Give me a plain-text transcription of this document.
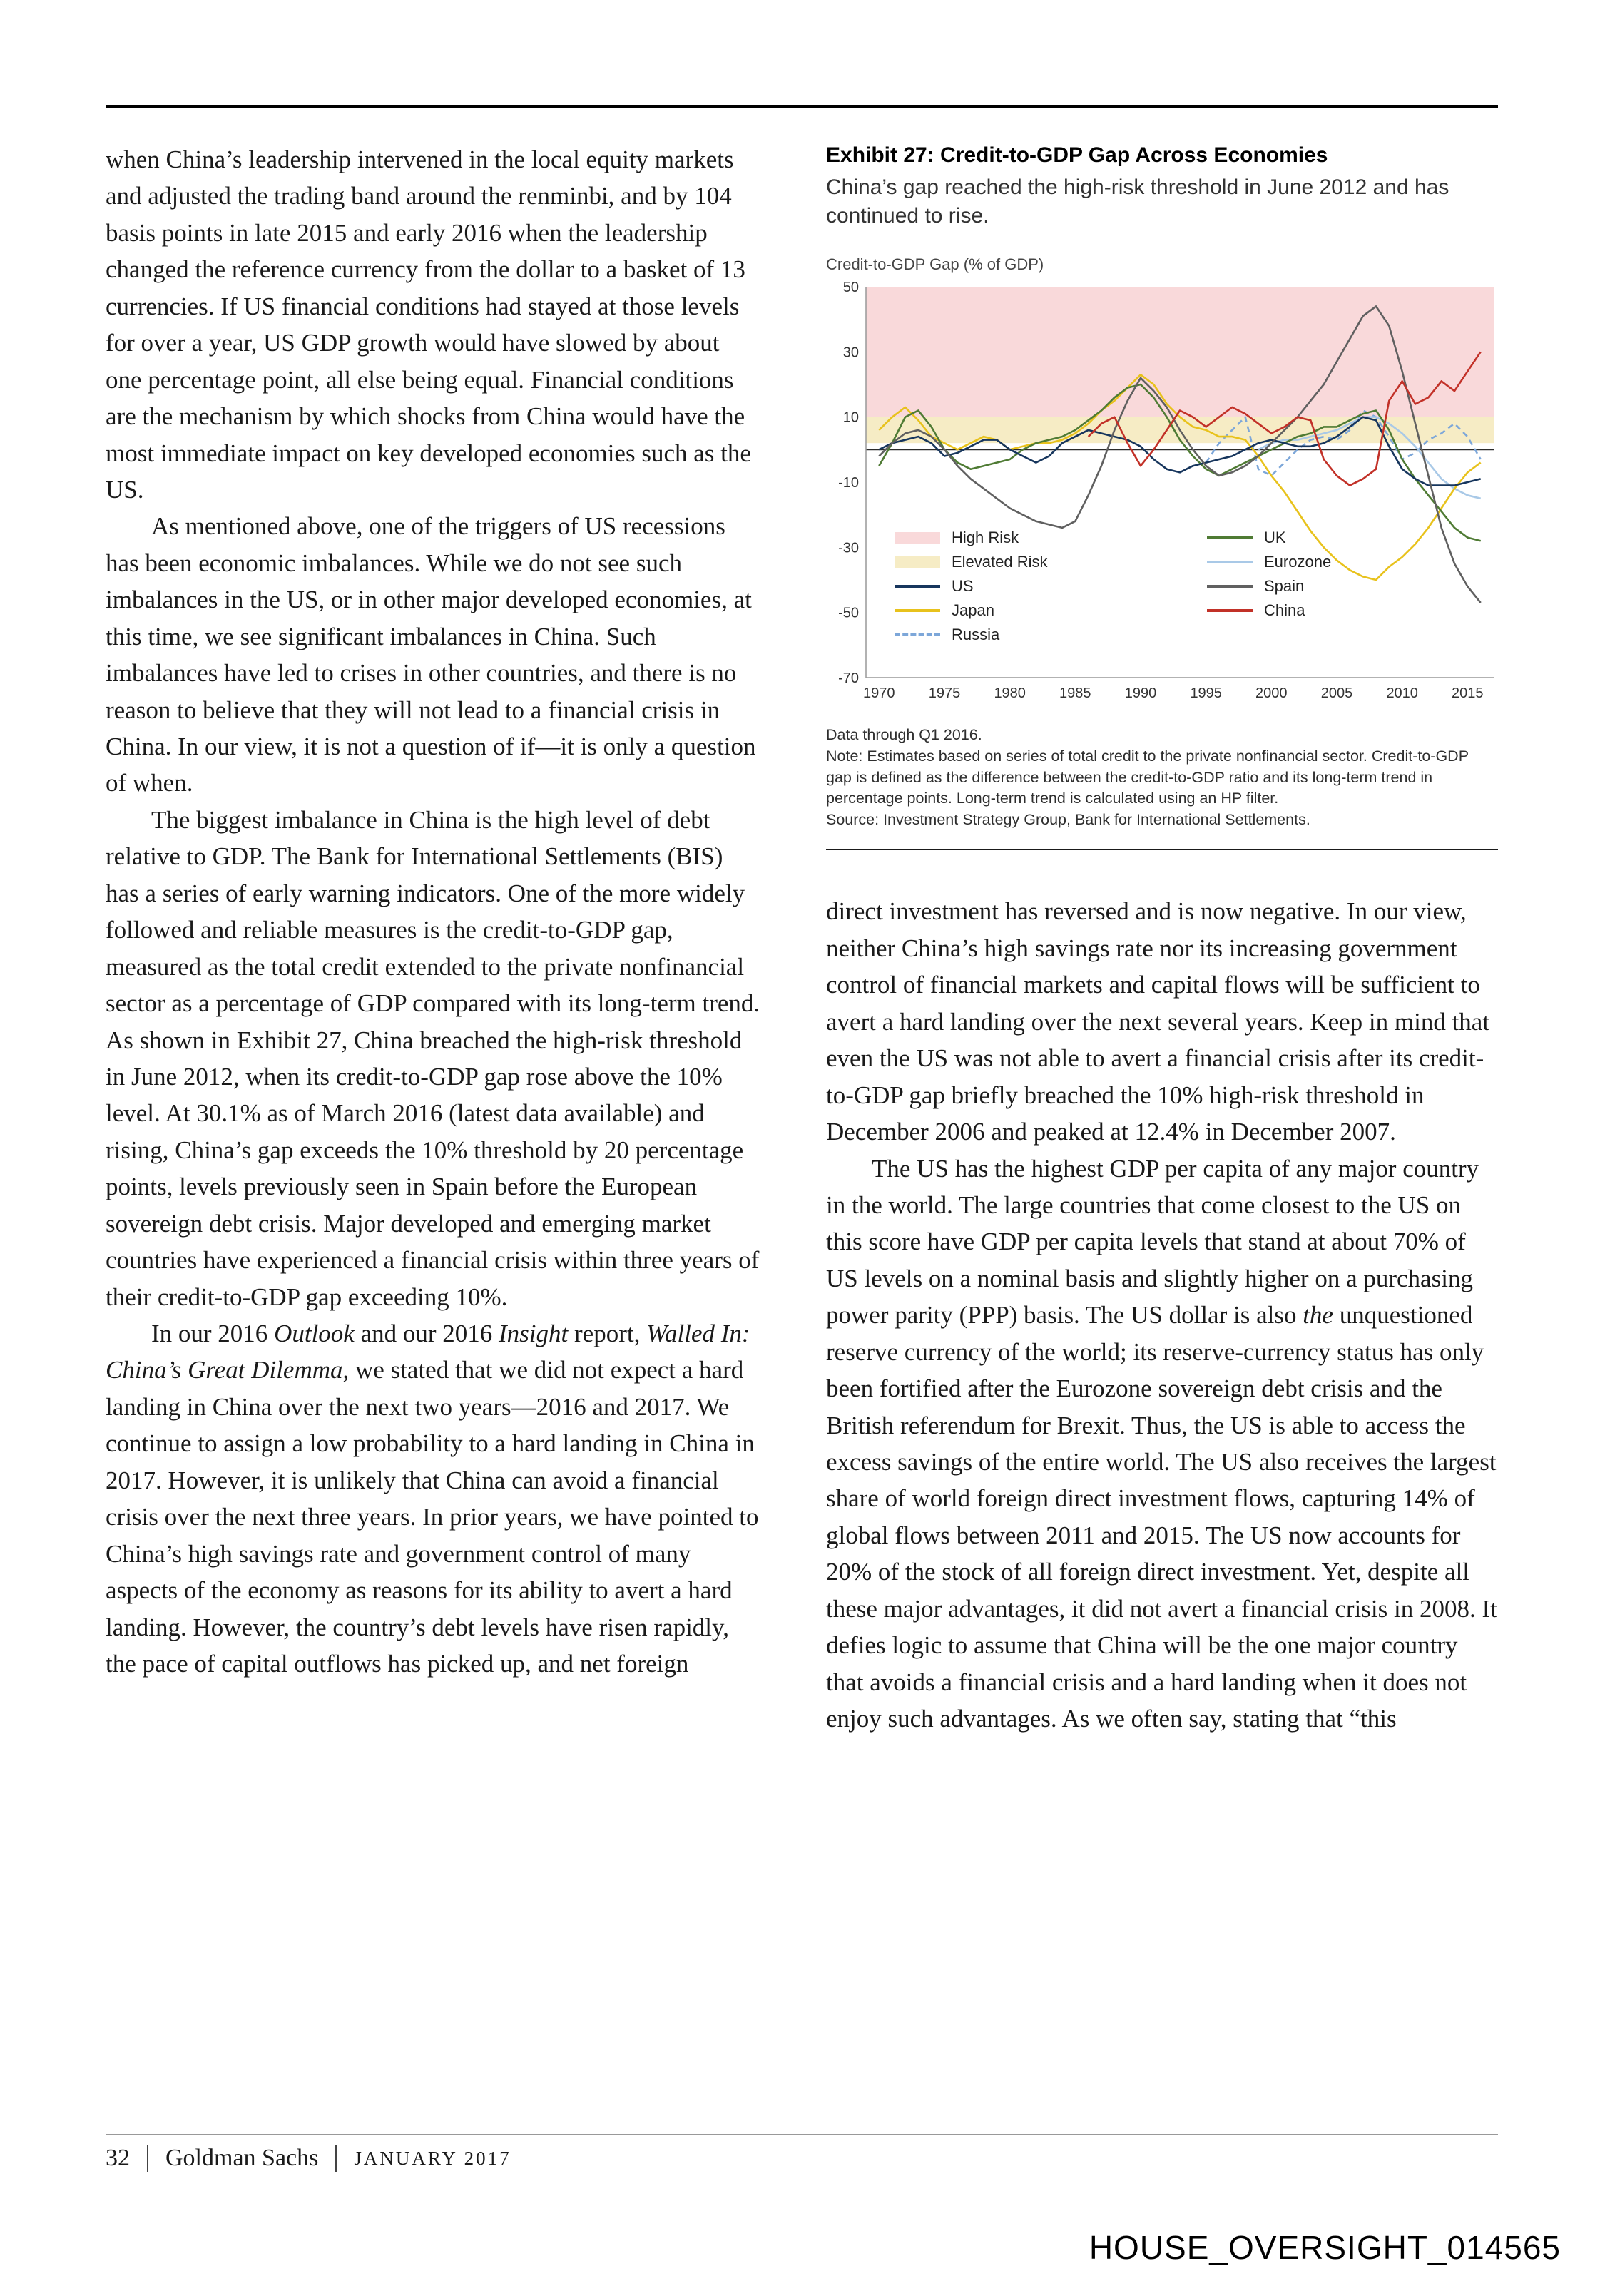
when China’s leadership intervened in the local equity markets and adjusted the trading band around the renminbi, and by 104 basis points in late 2015 and early 2016 when the leadership changed the reference currency from the dollar to a basket of 13 currencies. If US financial conditions had stayed at those levels for over a year, US GDP growth would have slowed by about one percentage point, all else being equal. Financial conditions are the mechanism by which shocks from China would have the most immediate impact on key developed economies such as the US.

As mentioned above, one of the triggers of US recessions has been economic imbalances. While we do not see such imbalances in the US, or in other major developed economies, at this time, we see significant imbalances in China. Such imbalances have led to crises in other countries, and there is no reason to believe that they will not lead to a financial crisis in China. In our view, it is not a question of if—it is only a question of when.

The biggest imbalance in China is the high level of debt relative to GDP. The Bank for International Settlements (BIS) has a series of early warning indicators. One of the more widely followed and reliable measures is the credit-to-GDP gap, measured as the total credit extended to the private nonfinancial sector as a percentage of GDP compared with its long-term trend. As shown in Exhibit 27, China breached the high-risk threshold in June 2012, when its credit-to-GDP gap rose above the 10% level. At 30.1% as of March 2016 (latest data available) and rising, China’s gap exceeds the 10% threshold by 20 percentage points, levels previously seen in Spain before the European sovereign debt crisis. Major developed and emerging market countries have experienced a financial crisis within three years of their credit-to-GDP gap exceeding 10%.

In our 2016 Outlook and our 2016 Insight report, Walled In: China’s Great Dilemma, we stated that we did not expect a hard landing in China over the next two years—2016 and 2017. We continue to assign a low probability to a hard landing in China in 2017. However, it is unlikely that China can avoid a financial crisis over the next three years. In prior years, we have pointed to China’s high savings rate and government control of many aspects of the economy as reasons for its ability to avert a hard landing. However, the country’s debt levels have risen rapidly, the pace of capital outflows has picked up, and net foreign

Exhibit 27: Credit-to-GDP Gap Across Economies
China’s gap reached the high-risk threshold in June 2012 and has continued to rise.
Credit-to-GDP Gap (% of GDP)
50
30
10
-10
-30
-50
-70
1970 1975 1980 1985 1990 1995 2000 2005 2010 2015
High Risk
Elevated Risk
US
Japan
Russia
UK
Eurozone
Spain
China
Data through Q1 2016.
Note: Estimates based on series of total credit to the private nonfinancial sector. Credit-to-GDP gap is defined as the difference between the credit-to-GDP ratio and its long-term trend in percentage points. Long-term trend is calculated using an HP filter.
Source: Investment Strategy Group, Bank for International Settlements.

direct investment has reversed and is now negative. In our view, neither China’s high savings rate nor its increasing government control of financial markets and capital flows will be sufficient to avert a hard landing over the next several years. Keep in mind that even the US was not able to avert a financial crisis after its credit-to-GDP gap briefly breached the 10% high-risk threshold in December 2006 and peaked at 12.4% in December 2007.

The US has the highest GDP per capita of any major country in the world. The large countries that come closest to the US on this score have GDP per capita levels that stand at about 70% of US levels on a nominal basis and slightly higher on a purchasing power parity (PPP) basis. The US dollar is also the unquestioned reserve currency of the world; its reserve-currency status has only been fortified after the Eurozone sovereign debt crisis and the British referendum for Brexit. Thus, the US is able to access the excess savings of the entire world. The US also receives the largest share of world foreign direct investment flows, capturing 14% of global flows between 2011 and 2015. The US now accounts for 20% of the stock of all foreign direct investment. Yet, despite all these major advantages, it did not avert a financial crisis in 2008. It defies logic to assume that China will be the one major country that avoids a financial crisis and a hard landing when it does not enjoy such advantages. As we often say, stating that “this

32 Goldman Sachs JANUARY 2017
HOUSE_OVERSIGHT_014565
